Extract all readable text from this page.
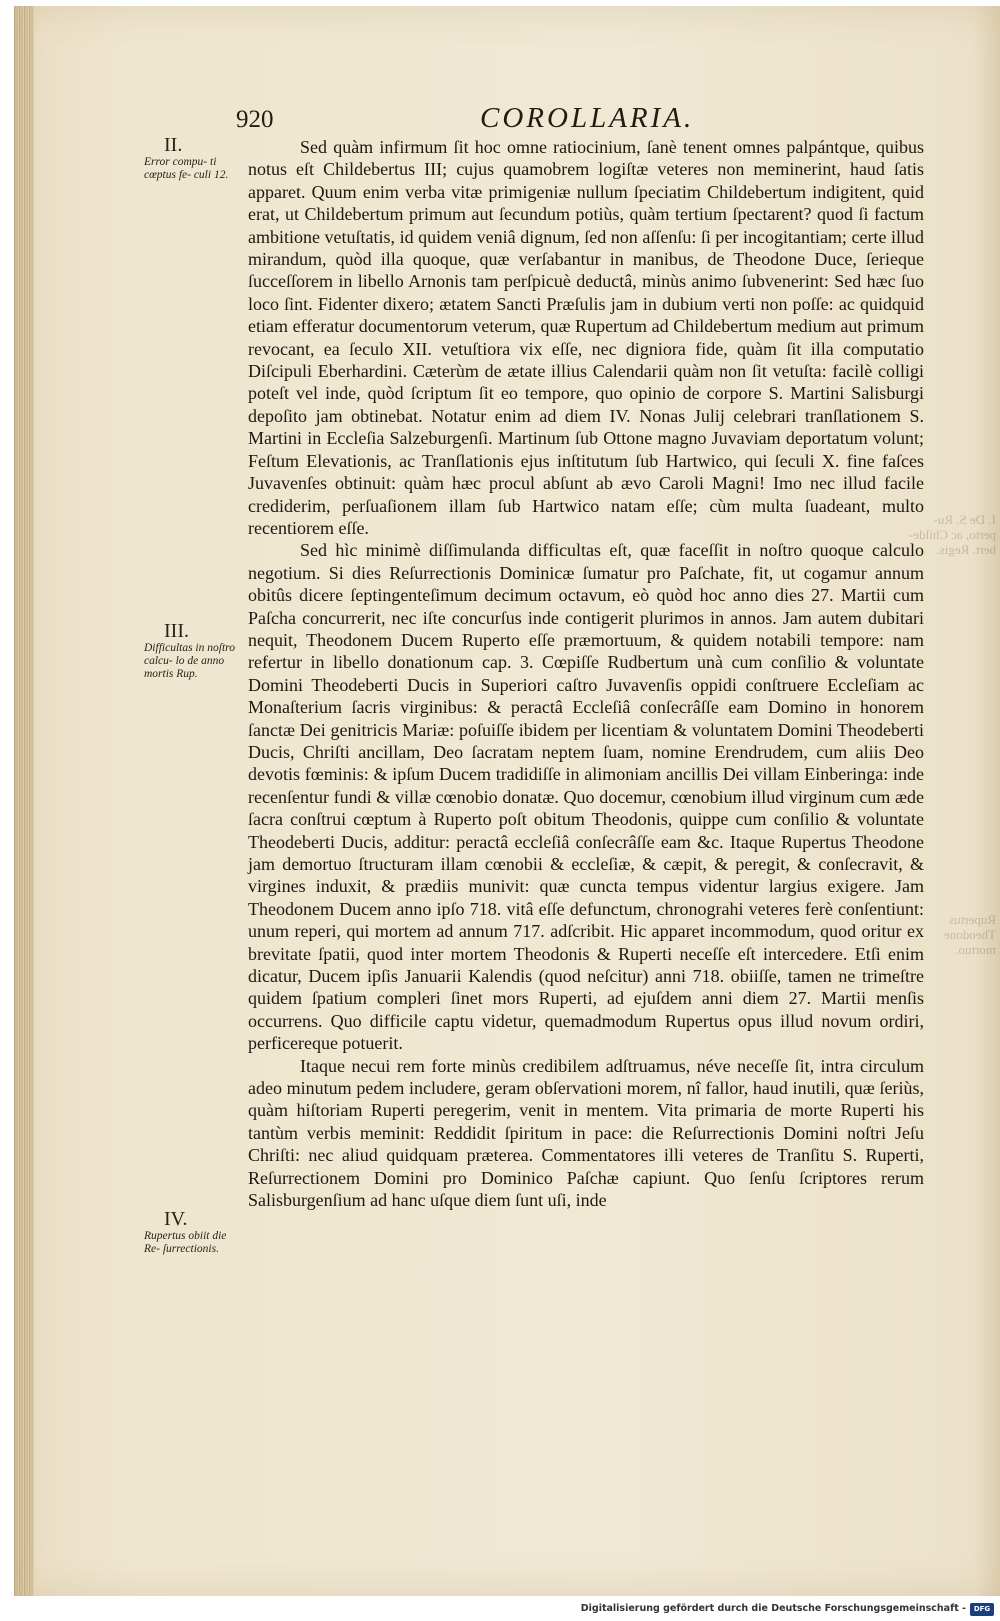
920	COROLLARIA.
II.
Error compu- ti cœptus fe- culi 12.
III.
Difficultas in noſtro calcu- lo de anno mortis Rup.
IV.
Rupertus obiit die Re- ſurrectionis.
I. De S. Ru- perto, ac Childe- bert. Regis.
Rupertus Theodone mortuo.

Sed quàm infirmum ſit hoc omne ratiocinium, ſanè tenent omnes palpántque, quibus notus eſt Childebertus III; cujus quamobrem logiſtæ veteres non meminerint, haud ſatis apparet. Quum enim verba vitæ primigeniæ nullum ſpeciatim Childebertum indigitent, quid erat, ut Childebertum primum aut ſecundum potiùs, quàm tertium ſpectarent? quod ſi factum ambitione vetuſtatis, id quidem veniâ dignum, ſed non aſſenſu: ſi per incogitantiam; certe illud mirandum, quòd illa quoque, quæ verſabantur in manibus, de Theodone Duce, ſerieque ſucceſſorem in libello Arnonis tam perſpicuè deductâ, minùs animo ſubvenerint: Sed hæc ſuo loco ſint. Fidenter dixero; ætatem Sancti Præſulis jam in dubium verti non poſſe: ac quidquid etiam efferatur documentorum veterum, quæ Rupertum ad Childebertum medium aut primum revocant, ea ſeculo XII. vetuſtiora vix eſſe, nec digniora fide, quàm ſit illa computatio Diſcipuli Eberhardini. Cæterùm de ætate illius Calendarii quàm non ſit vetuſta: facilè colligi poteſt vel inde, quòd ſcriptum ſit eo tempore, quo opinio de corpore S. Martini Salisburgi depoſito jam obtinebat. Notatur enim ad diem IV. Nonas Julij celebrari tranſlationem S. Martini in Eccleſia Salzeburgenſi. Martinum ſub Ottone magno Juvaviam deportatum volunt; Feſtum Elevationis, ac Tranſlationis ejus inſtitutum ſub Hartwico, qui ſeculi X. fine faſces Juvavenſes obtinuit: quàm hæc procul abſunt ab ævo Caroli Magni! Imo nec illud facile crediderim, perſuaſionem illam ſub Hartwico natam eſſe; cùm multa ſuadeant, multo recentiorem eſſe.

Sed hìc minimè diſſimulanda difficultas eſt, quæ faceſſit in noſtro quoque calculo negotium. Si dies Reſurrectionis Dominicæ ſumatur pro Paſchate, fit, ut cogamur annum obitûs dicere ſeptingenteſimum decimum octavum, eò quòd hoc anno dies 27. Martii cum Paſcha concurrerit, nec iſte concurſus inde contigerit plurimos in annos. Jam autem dubitari nequit, Theodonem Ducem Ruperto eſſe præmortuum, & quidem notabili tempore: nam refertur in libello donationum cap. 3. Cœpiſſe Rudbertum unà cum conſilio & voluntate Domini Theodeberti Ducis in Superiori caſtro Juvavenſis oppidi conſtruere Eccleſiam ac Monaſterium ſacris virginibus: & peractâ Eccleſiâ conſecrâſſe eam Domino in honorem ſanctæ Dei genitricis Mariæ: poſuiſſe ibidem per licentiam & voluntatem Domini Theodeberti Ducis, Chriſti ancillam, Deo ſacratam neptem ſuam, nomine Erendrudem, cum aliis Deo devotis fœminis: & ipſum Ducem tradidiſſe in alimoniam ancillis Dei villam Einberinga: inde recenſentur fundi & villæ cœnobio donatæ. Quo docemur, cœnobium illud virginum cum æde ſacra conſtrui cœptum à Ruperto poſt obitum Theodonis, quippe cum conſilio & voluntate Theodeberti Ducis, additur: peractâ eccleſiâ conſecrâſſe eam &c. Itaque Rupertus Theodone jam demortuo ſtructuram illam cœnobii & eccleſiæ, & cæpit, & peregit, & conſecravit, & virgines induxit, & prædiis munivit: quæ cuncta tempus videntur largius exigere. Jam Theodonem Ducem anno ipſo 718. vitâ eſſe defunctum, chronograhi veteres ferè conſentiunt: unum reperi, qui mortem ad annum 717. adſcribit. Hic apparet incommodum, quod oritur ex brevitate ſpatii, quod inter mortem Theodonis & Ruperti neceſſe eſt intercedere. Etſi enim dicatur, Ducem ipſis Januarii Kalendis (quod neſcitur) anni 718. obiiſſe, tamen ne trimeſtre quidem ſpatium compleri ſinet mors Ruperti, ad ejuſdem anni diem 27. Martii menſis occurrens. Quo difficile captu videtur, quemadmodum Rupertus opus illud novum ordiri, perficereque potuerit.

Itaque necui rem forte minùs credibilem adſtruamus, néve neceſſe ſit, intra circulum adeo minutum pedem includere, geram obſervationi morem, nî fallor, haud inutili, quæ ſeriùs, quàm hiſtoriam Ruperti peregerim, venit in mentem. Vita primaria de morte Ruperti his tantùm verbis meminit: Reddidit ſpiritum in pace: die Reſurrectionis Domini noſtri Jeſu Chriſti: nec aliud quidquam præterea. Commentatores illi veteres de Tranſitu S. Ruperti, Reſurrectionem Domini pro Dominico Paſchæ capiunt. Quo ſenſu ſcriptores rerum Salisburgenſium ad hanc uſque diem ſunt uſi, inde

Digitalisierung gefördert durch die Deutsche Forschungsgemeinschaft -	DFG
